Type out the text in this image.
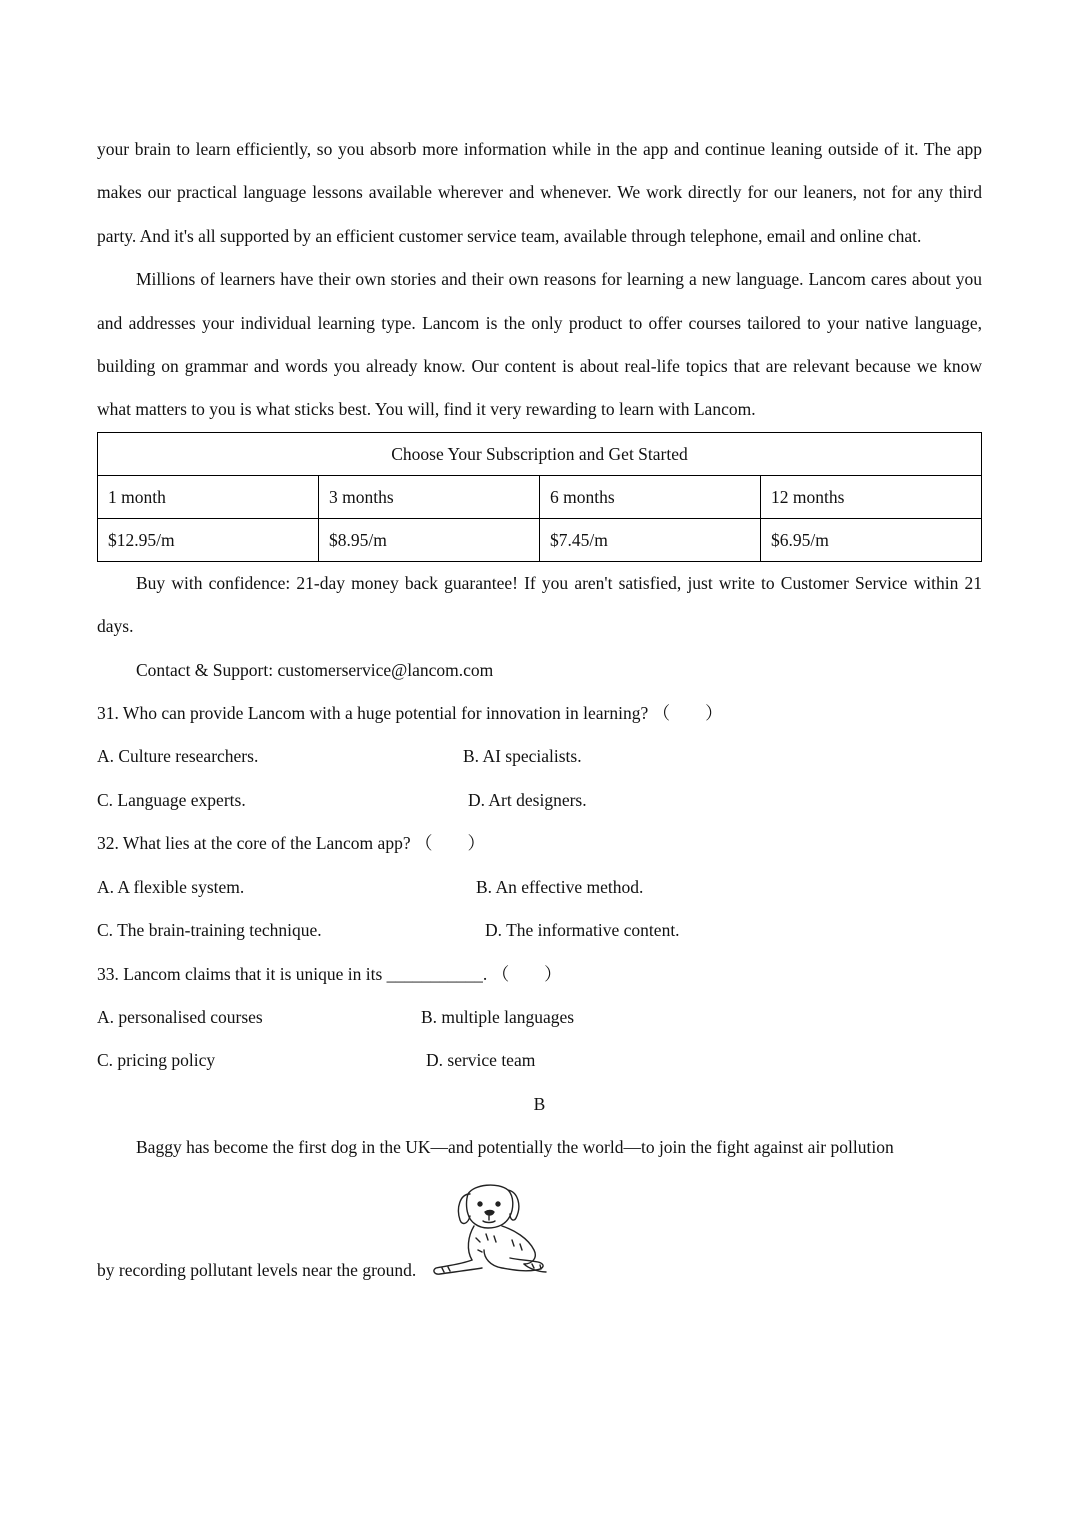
your brain to learn efficiently, so you absorb more information while in the app and continue leaning outside of it. The app makes our practical language lessons available wherever and whenever. We work directly for our leaners, not for any third party. And it's all supported by an efficient customer service team, available through telephone, email and online chat.

Millions of learners have their own stories and their own reasons for learning a new language. Lancom cares about you and addresses your individual learning type. Lancom is the only product to offer courses tailored to your native language, building on grammar and words you already know. Our content is about real-life topics that are relevant because we know what matters to you is what sticks best. You will, find it very rewarding to learn with Lancom.

Choose Your Subscription and Get Started			
1 month	3 months	6 months	12 months
$12.95/m	$8.95/m	$7.45/m	$6.95/m

Buy with confidence: 21-day money back guarantee! If you aren't satisfied, just write to Customer Service within 21 days.

Contact & Support: customerservice@lancom.com

31. Who can provide Lancom with a huge potential for innovation in learning? （　　）

A. Culture researchers.	B. AI specialists.

C. Language experts.	D. Art designers.

32. What lies at the core of the Lancom app? （　　）

A. A flexible system.	B. An effective method.

C. The brain-training technique.	D. The informative content.

33. Lancom claims that it is unique in its ___________. （　　）

A. personalised courses	B. multiple languages

C. pricing policy	D. service team

B

Baggy has become the first dog in the UK—and potentially the world—to join the fight against air pollution

by recording pollutant levels near the ground.
